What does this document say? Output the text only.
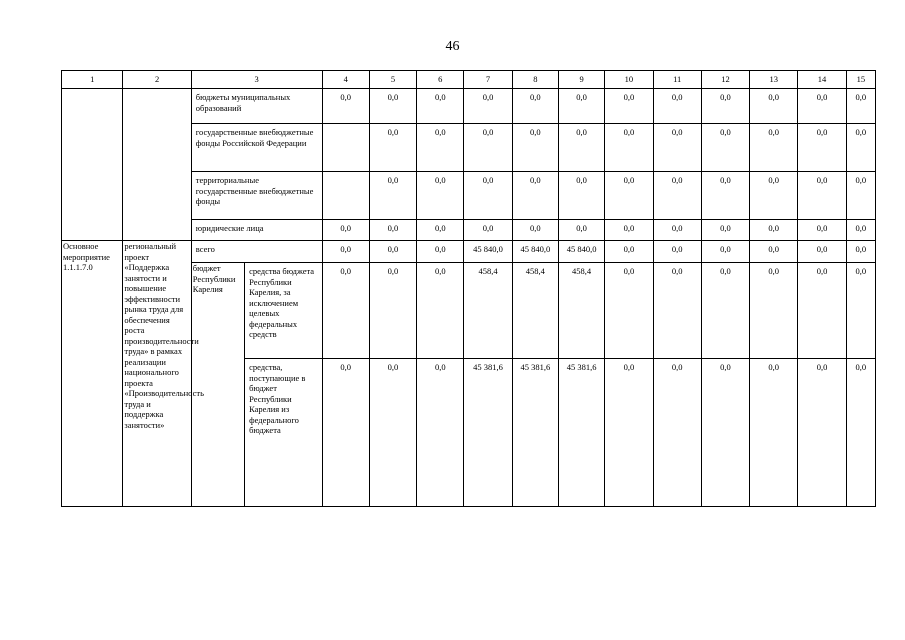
46
1	2	3		4	5	6	7	8	9	10	11	12	13	14	15
		бюджеты муниципальных образований		0,0	0,0	0,0	0,0	0,0	0,0	0,0	0,0	0,0	0,0	0,0	0,0
		государственные внебюджетные фонды Российской Федерации			0,0	0,0	0,0	0,0	0,0	0,0	0,0	0,0	0,0	0,0	0,0
		территориальные государственные внебюджетные фонды			0,0	0,0	0,0	0,0	0,0	0,0	0,0	0,0	0,0	0,0	0,0
		юридические лица		0,0	0,0	0,0	0,0	0,0	0,0	0,0	0,0	0,0	0,0	0,0	0,0
Основное мероприятие 1.1.1.7.0	региональный проект «Поддержка занятости и повышение эффективности рынка труда для обеспечения роста производительности труда» в рамках реализации национального проекта «Производительность труда и поддержка занятости»	всего		0,0	0,0	0,0	45 840,0	45 840,0	45 840,0	0,0	0,0	0,0	0,0	0,0	0,0
		бюджет Республики Карелия	средства бюджета Республики Карелия, за исключением целевых федеральных средств	0,0	0,0	0,0	458,4	458,4	458,4	0,0	0,0	0,0	0,0	0,0	0,0
			средства, поступающие в бюджет Республики Карелия из федерального бюджета	0,0	0,0	0,0	45 381,6	45 381,6	45 381,6	0,0	0,0	0,0	0,0	0,0	0,0
